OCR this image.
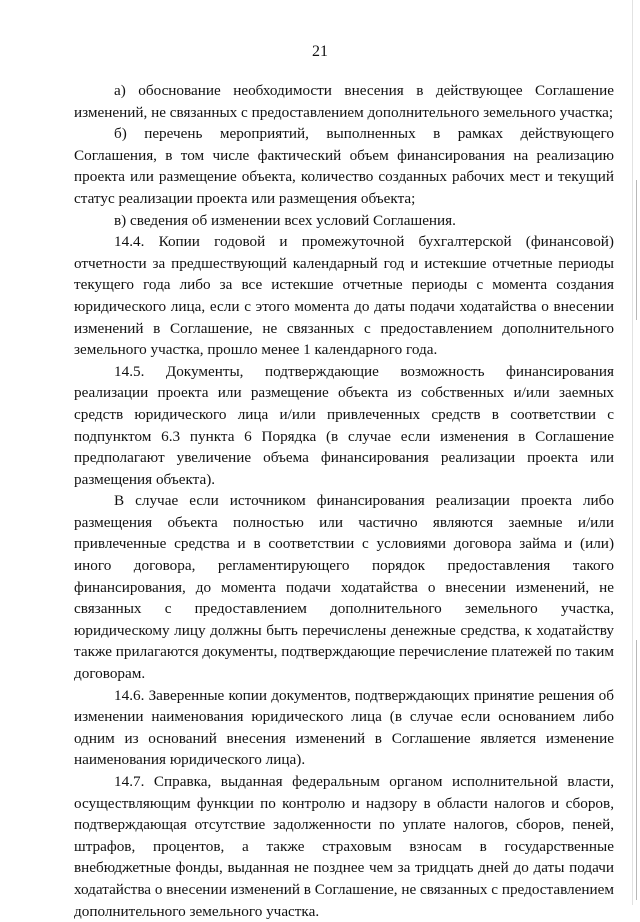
21

а) обоснование необходимости внесения в действующее Соглашение изменений, не связанных с предоставлением дополнительного земельного участка;

б) перечень мероприятий, выполненных в рамках действующего Соглашения, в том числе фактический объем финансирования на реализацию проекта или размещение объекта, количество созданных рабочих мест и текущий статус реализации проекта или размещения объекта;

в) сведения об изменении всех условий Соглашения.

14.4. Копии годовой и промежуточной бухгалтерской (финансовой) отчетности за предшествующий календарный год и истекшие отчетные периоды текущего года либо за все истекшие отчетные периоды с момента создания юридического лица, если с этого момента до даты подачи ходатайства о внесении изменений в Соглашение, не связанных с предоставлением дополнительного земельного участка, прошло менее 1 календарного года.

14.5. Документы, подтверждающие возможность финансирования реализации проекта или размещение объекта из собственных и/или заемных средств юридического лица и/или привлеченных средств в соответствии с подпунктом 6.3 пункта 6 Порядка (в случае если изменения в Соглашение предполагают увеличение объема финансирования реализации проекта или размещения объекта).

В случае если источником финансирования реализации проекта либо размещения объекта полностью или частично являются заемные и/или привлеченные средства и в соответствии с условиями договора займа и (или) иного договора, регламентирующего порядок предоставления такого финансирования, до момента подачи ходатайства о внесении изменений, не связанных с предоставлением дополнительного земельного участка, юридическому лицу должны быть перечислены денежные средства, к ходатайству также прилагаются документы, подтверждающие перечисление платежей по таким договорам.

14.6. Заверенные копии документов, подтверждающих принятие решения об изменении наименования юридического лица (в случае если основанием либо одним из оснований внесения изменений в Соглашение является изменение наименования юридического лица).

14.7. Справка, выданная федеральным органом исполнительной власти, осуществляющим функции по контролю и надзору в области налогов и сборов, подтверждающая отсутствие задолженности по уплате налогов, сборов, пеней, штрафов, процентов, а также страховым взносам в государственные внебюджетные фонды, выданная не позднее чем за тридцать дней до даты подачи ходатайства о внесении изменений в Соглашение, не связанных с предоставлением дополнительного земельного участка.
